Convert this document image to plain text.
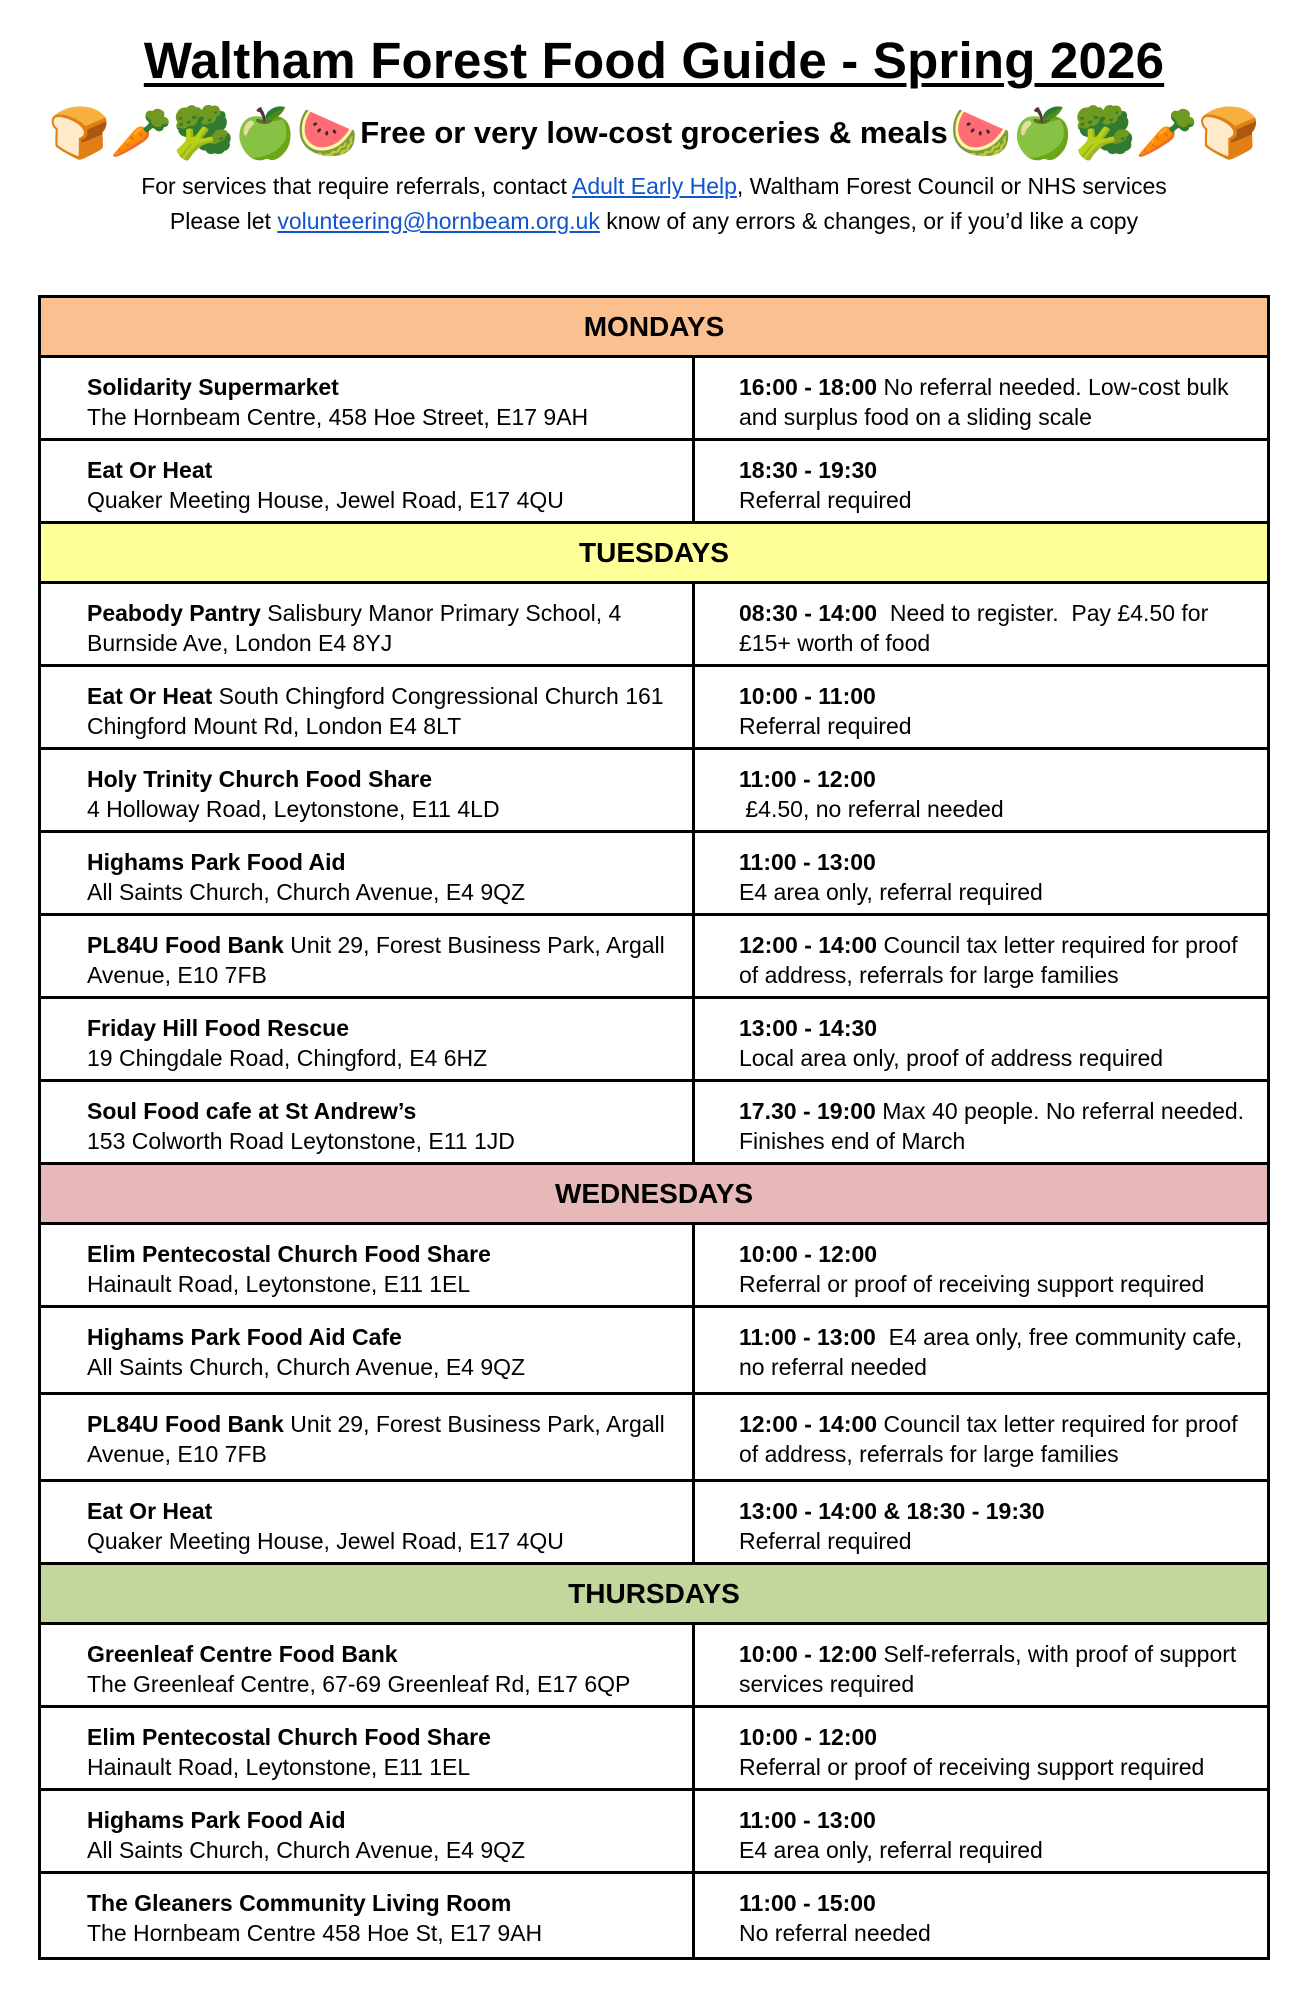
Waltham Forest Food Guide - Spring 2026
🍞 🥕 🥦 🍏 🍉 Free or very low-cost groceries & meals 🍉 🍏 🥦 🥕 🍞
For services that require referrals, contact Adult Early Help, Waltham Forest Council or NHS services
Please let volunteering@hornbeam.org.uk know of any errors & changes, or if you’d like a copy
MONDAYS
Solidarity Supermarket
The Hornbeam Centre, 458 Hoe Street, E17 9AH
16:00 - 18:00 No referral needed. Low-cost bulk and surplus food on a sliding scale
Eat Or Heat
Quaker Meeting House, Jewel Road, E17 4QU
18:30 - 19:30
Referral required
TUESDAYS
Peabody Pantry Salisbury Manor Primary School, 4 Burnside Ave, London E4 8YJ
08:30 - 14:00  Need to register.  Pay £4.50 for £15+ worth of food
Eat Or Heat South Chingford Congressional Church 161 Chingford Mount Rd, London E4 8LT
10:00 - 11:00
Referral required
Holy Trinity Church Food Share
4 Holloway Road, Leytonstone, E11 4LD
11:00 - 12:00
£4.50, no referral needed
Highams Park Food Aid
All Saints Church, Church Avenue, E4 9QZ
11:00 - 13:00
E4 area only, referral required
PL84U Food Bank Unit 29, Forest Business Park, Argall Avenue, E10 7FB
12:00 - 14:00 Council tax letter required for proof of address, referrals for large families
Friday Hill Food Rescue
19 Chingdale Road, Chingford, E4 6HZ
13:00 - 14:30
Local area only, proof of address required
Soul Food cafe at St Andrew’s
153 Colworth Road Leytonstone, E11 1JD
17.30 - 19:00 Max 40 people. No referral needed. Finishes end of March
WEDNESDAYS
Elim Pentecostal Church Food Share
Hainault Road, Leytonstone, E11 1EL
10:00 - 12:00
Referral or proof of receiving support required
Highams Park Food Aid Cafe
All Saints Church, Church Avenue, E4 9QZ
11:00 - 13:00  E4 area only, free community cafe, no referral needed
PL84U Food Bank Unit 29, Forest Business Park, Argall Avenue, E10 7FB
12:00 - 14:00 Council tax letter required for proof of address, referrals for large families
Eat Or Heat
Quaker Meeting House, Jewel Road, E17 4QU
13:00 - 14:00 & 18:30 - 19:30
Referral required
THURSDAYS
Greenleaf Centre Food Bank
The Greenleaf Centre, 67-69 Greenleaf Rd, E17 6QP
10:00 - 12:00 Self-referrals, with proof of support services required
Elim Pentecostal Church Food Share
Hainault Road, Leytonstone, E11 1EL
10:00 - 12:00
Referral or proof of receiving support required
Highams Park Food Aid
All Saints Church, Church Avenue, E4 9QZ
11:00 - 13:00
E4 area only, referral required
The Gleaners Community Living Room
The Hornbeam Centre 458 Hoe St, E17 9AH
11:00 - 15:00
No referral needed
